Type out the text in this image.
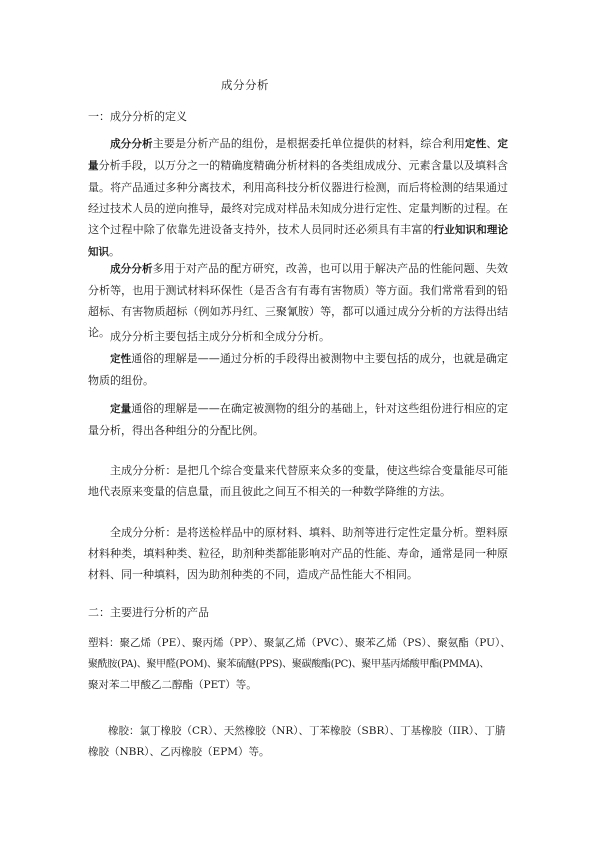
成分分析
一：成分分析的定义
成分分析主要是分析产品的组份，是根据委托单位提供的材料，综合利用定性、定量分析手段，以万分之一的精确度精确分析材料的各类组成成分、元素含量以及填料含量。将产品通过多种分离技术，利用高科技分析仪器进行检测，而后将检测的结果通过经过技术人员的逆向推导，最终对完成对样品未知成分进行定性、定量判断的过程。在这个过程中除了依靠先进设备支持外，技术人员同时还必须具有丰富的行业知识和理论知识。
成分分析多用于对产品的配方研究，改善，也可以用于解决产品的性能问题、失效分析等，也用于测试材料环保性（是否含有有毒有害物质）等方面。我们常常看到的铅超标、有害物质超标（例如苏丹红、三聚氰胺）等，都可以通过成分分析的方法得出结论。 成分分析主要包括主成分分析和全成分分析。
定性通俗的理解是——通过分析的手段得出被测物中主要包括的成分，也就是确定物质的组份。
定量通俗的理解是——在确定被测物的组分的基础上，针对这些组份进行相应的定量分析，得出各种组分的分配比例。
主成分分析：是把几个综合变量来代替原来众多的变量，使这些综合变量能尽可能地代表原来变量的信息量，而且彼此之间互不相关的一种数学降维的方法。
全成分分析：是将送检样品中的原材料、填料、助剂等进行定性定量分析。塑料原材料种类，填料种类、粒径，助剂种类都能影响对产品的性能、寿命，通常是同一种原材料、同一种填料，因为助剂种类的不同，造成产品性能大不相同。
二：主要进行分析的产品
塑料：聚乙烯（PE）、聚丙烯（PP）、聚氯乙烯（PVC）、聚苯乙烯（PS）、聚氨酯（PU）、
聚酰胺(PA)、聚甲醛(POM)、聚苯硫醚(PPS)、聚碳酸酯(PC)、聚甲基丙烯酸甲酯(PMMA)、
聚对苯二甲酸乙二醇酯（PET）等。
橡胶：氯丁橡胶（CR）、天然橡胶（NR）、丁苯橡胶（SBR）、丁基橡胶（IIR）、丁腈
橡胶（NBR）、乙丙橡胶（EPM）等。
